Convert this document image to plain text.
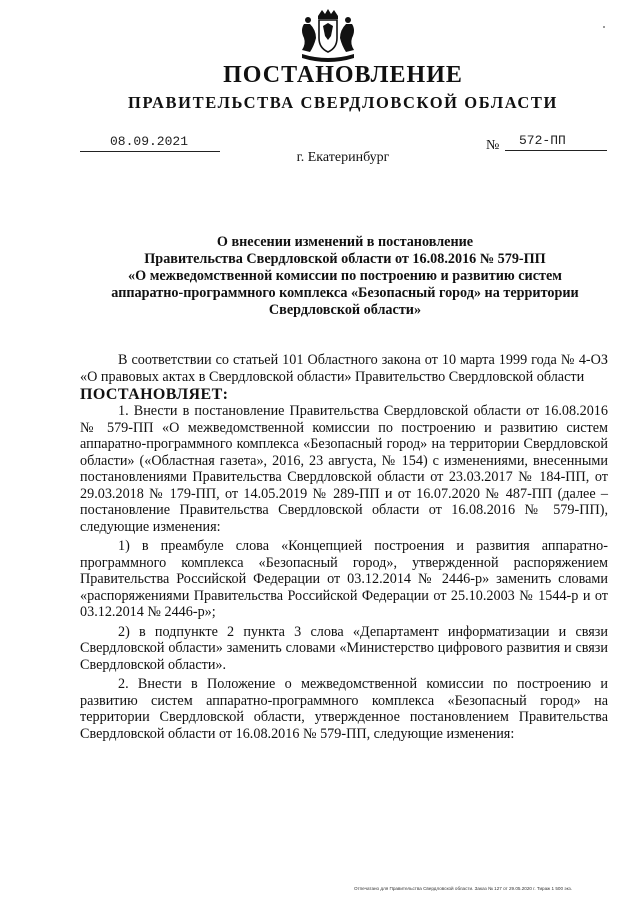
ПОСТАНОВЛЕНИЕ
ПРАВИТЕЛЬСТВА СВЕРДЛОВСКОЙ ОБЛАСТИ
08.09.2021	№	572-ПП
г. Екатеринбург
О внесении изменений в постановление
Правительства Свердловской области от 16.08.2016 № 579-ПП
«О межведомственной комиссии по построению и развитию систем
аппаратно-программного комплекса «Безопасный город» на территории
Свердловской области»

В соответствии со статьей 101 Областного закона от 10 марта 1999 года № 4-ОЗ «О правовых актах в Свердловской области» Правительство Свердловской области

ПОСТАНОВЛЯЕТ:

1. Внести в постановление Правительства Свердловской области от 16.08.2016 № 579-ПП «О межведомственной комиссии по построению и развитию систем аппаратно-программного комплекса «Безопасный город» на территории Свердловской области» («Областная газета», 2016, 23 августа, № 154) с изменениями, внесенными постановлениями Правительства Свердловской области от 23.03.2017 № 184-ПП, от 29.03.2018 № 179-ПП, от 14.05.2019 № 289-ПП и от 16.07.2020 № 487-ПП (далее – постановление Правительства Свердловской области от 16.08.2016 № 579-ПП), следующие изменения:

1) в преамбуле слова «Концепцией построения и развития аппаратно-программного комплекса «Безопасный город», утвержденной распоряжением Правительства Российской Федерации от 03.12.2014 № 2446-р» заменить словами «распоряжениями Правительства Российской Федерации от 25.10.2003 № 1544-р и от 03.12.2014 № 2446-р»;

2) в подпункте 2 пункта 3 слова «Департамент информатизации и связи Свердловской области» заменить словами «Министерство цифрового развития и связи Свердловской области».

2. Внести в Положение о межведомственной комиссии по построению и развитию систем аппаратно-программного комплекса «Безопасный город» на территории Свердловской области, утвержденное постановлением Правительства Свердловской области от 16.08.2016 № 579-ПП, следующие изменения:

Отпечатано для Правительства Свердловской области. Заказ № 127 от 29.05.2020 г. Тираж 1 500 экз.
